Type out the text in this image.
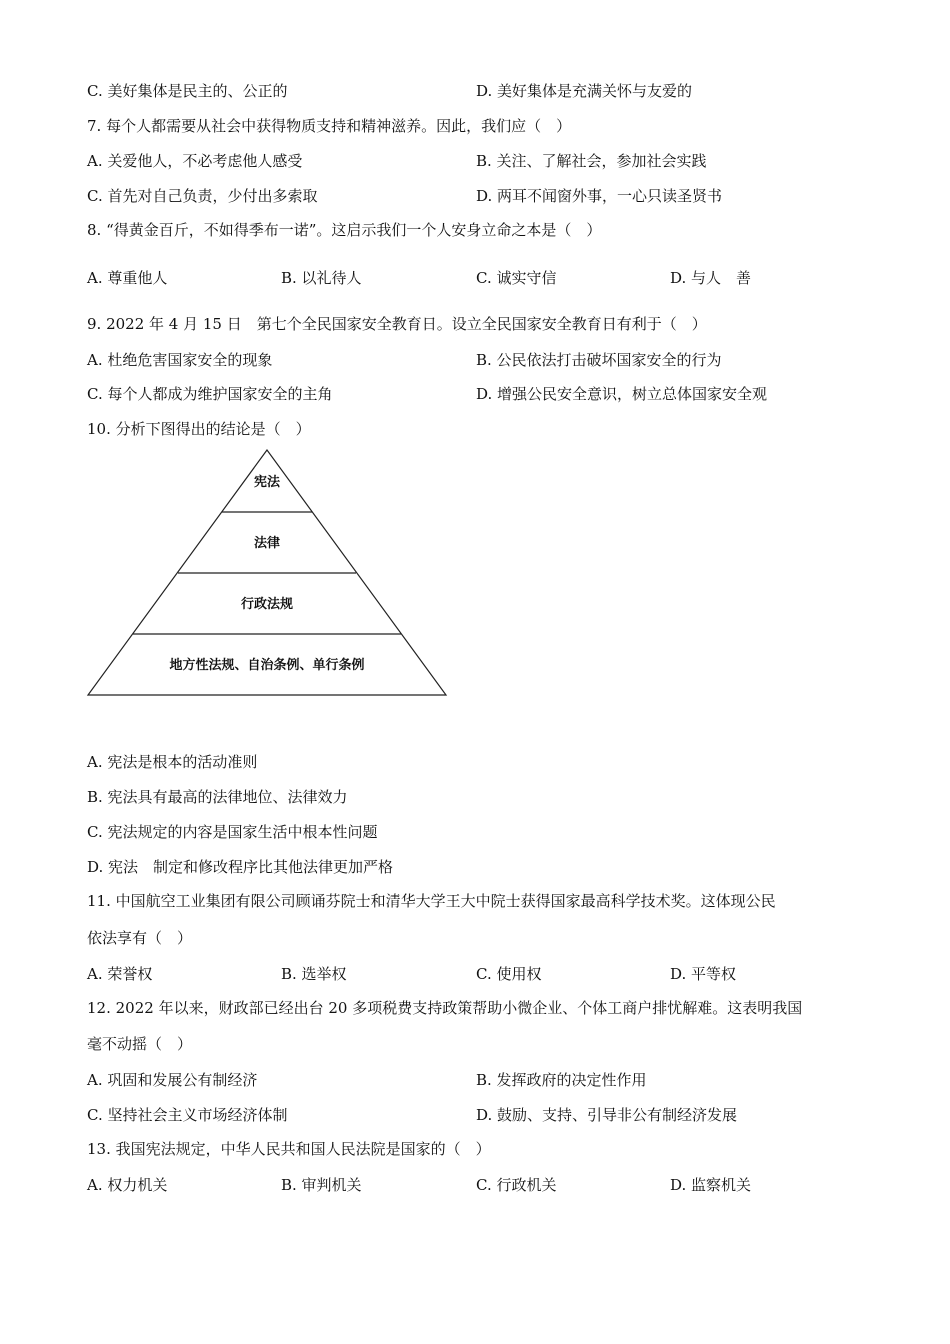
C. 美好集体是民主的、公正的	D. 美好集体是充满关怀与友爱的
7. 每个人都需要从社会中获得物质支持和精神滋养。因此，我们应（　）
A. 关爱他人，不必考虑他人感受	B. 关注、了解社会，参加社会实践
C. 首先对自己负责，少付出多索取	D. 两耳不闻窗外事，一心只读圣贤书
8. “得黄金百斤，不如得季布一诺”。这启示我们一个人安身立命之本是（　）
A. 尊重他人	B. 以礼待人	C. 诚实守信	D. 与人　善
9. 2022 年 4 月 15 日　第七个全民国家安全教育日。设立全民国家安全教育日有利于（　）
A. 杜绝危害国家安全的现象	B. 公民依法打击破坏国家安全的行为
C. 每个人都成为维护国家安全的主角	D. 增强公民安全意识，树立总体国家安全观
10. 分析下图得出的结论是（　）
宪法
法律
行政法规
地方性法规、自治条例、单行条例
A. 宪法是根本的活动准则
B. 宪法具有最高的法律地位、法律效力
C. 宪法规定的内容是国家生活中根本性问题
D. 宪法　制定和修改程序比其他法律更加严格
11. 中国航空工业集团有限公司顾诵芬院士和清华大学王大中院士获得国家最高科学技术奖。这体现公民
依法享有（　）
A. 荣誉权	B. 选举权	C. 使用权	D. 平等权
12. 2022 年以来，财政部已经出台 20 多项税费支持政策帮助小微企业、个体工商户排忧解难。这表明我国
毫不动摇（　）
A. 巩固和发展公有制经济	B. 发挥政府的决定性作用
C. 坚持社会主义市场经济体制	D. 鼓励、支持、引导非公有制经济发展
13. 我国宪法规定，中华人民共和国人民法院是国家的（　）
A. 权力机关	B. 审判机关	C. 行政机关	D. 监察机关
